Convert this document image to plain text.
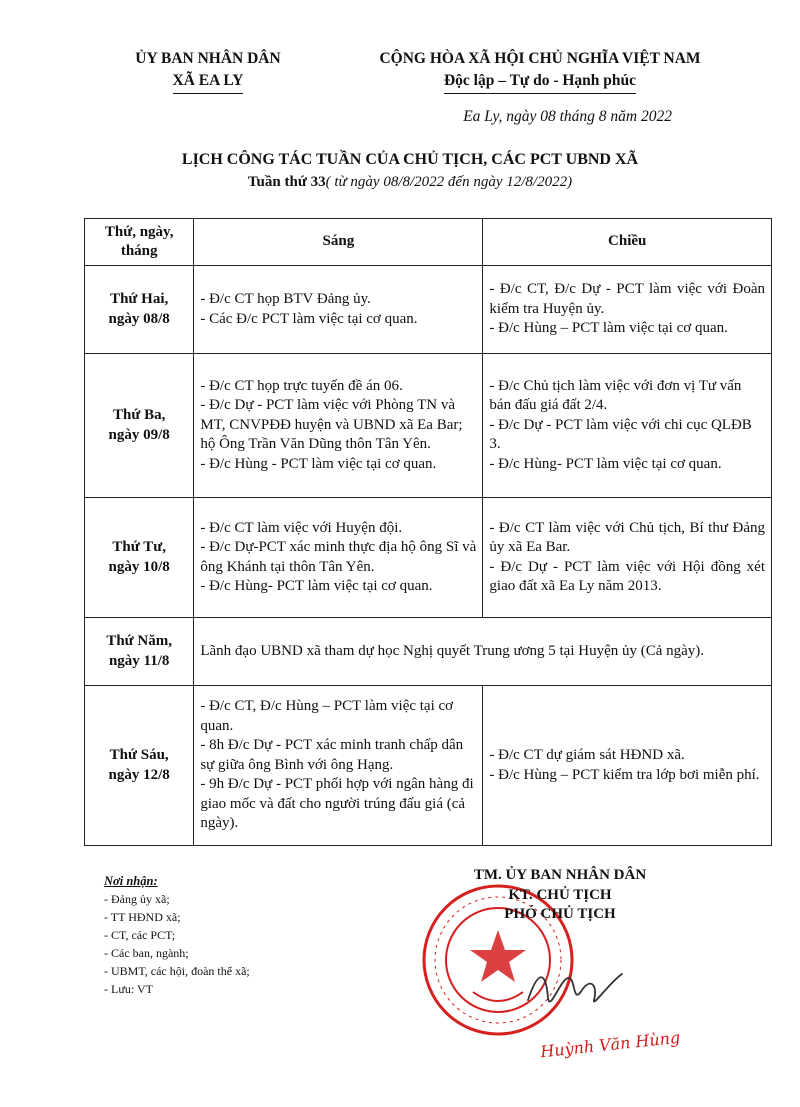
ỦY BAN NHÂN DÂN
XÃ EA LY
CỘNG HÒA XÃ HỘI CHỦ NGHĨA VIỆT NAM
Độc lập – Tự do - Hạnh phúc
Ea Ly, ngày 08 tháng 8 năm 2022
LỊCH CÔNG TÁC TUẦN CỦA CHỦ TỊCH, CÁC PCT UBND XÃ
Tuần thứ 33( từ ngày 08/8/2022 đến ngày 12/8/2022)
Thứ, ngày, tháng	Sáng	Chiều

Thứ Hai,
ngày 08/8	- Đ/c CT họp BTV Đảng ủy.
- Các Đ/c PCT làm việc tại cơ quan.	- Đ/c CT, Đ/c Dự - PCT làm việc với Đoàn kiểm tra Huyện ủy.
- Đ/c Hùng – PCT làm việc tại cơ quan.

Thứ Ba,
ngày 09/8	- Đ/c CT họp trực tuyến đề án 06.
- Đ/c Dự - PCT làm việc với Phòng TN và MT, CNVPĐĐ huyện và UBND xã Ea Bar; hộ Ông Trần Văn Dũng thôn Tân Yên.
- Đ/c Hùng - PCT làm việc tại cơ quan.	- Đ/c Chủ tịch làm việc với đơn vị Tư vấn bán đấu giá đất 2/4.
- Đ/c Dự - PCT làm việc với chi cục QLĐB 3.
- Đ/c Hùng- PCT làm việc tại cơ quan.

Thứ Tư,
ngày 10/8	- Đ/c CT làm việc với Huyện đội.
- Đ/c Dự-PCT xác minh thực địa hộ ông Sĩ và ông Khánh tại thôn Tân Yên.
- Đ/c Hùng- PCT làm việc tại cơ quan.	- Đ/c CT làm việc với Chủ tịch, Bí thư Đảng ủy xã Ea Bar.
- Đ/c Dự - PCT làm việc với Hội đồng xét giao đất xã Ea Ly năm 2013.

Thứ Năm,
ngày 11/8	Lãnh đạo UBND xã tham dự học Nghị quyết Trung ương 5 tại Huyện ủy (Cả ngày).	

Thứ Sáu,
ngày 12/8	- Đ/c CT, Đ/c Hùng – PCT làm việc tại cơ quan.
- 8h Đ/c Dự - PCT xác minh tranh chấp dân sự giữa ông Bình với ông Hạng.
- 9h Đ/c Dự - PCT phối hợp với ngân hàng đi giao mốc và đất cho người trúng đấu giá (cả ngày).	- Đ/c CT dự giám sát HĐND xã.
- Đ/c Hùng – PCT kiểm tra lớp bơi miễn phí.
Nơi nhận:
- Đảng ủy xã;
- TT HĐND xã;
- CT, các PCT;
- Các ban, ngành;
- UBMT, các hội, đoàn thể xã;
- Lưu: VT
TM. ỦY BAN NHÂN DÂN
KT. CHỦ TỊCH
PHÓ CHỦ TỊCH
Huỳnh Văn Hùng
